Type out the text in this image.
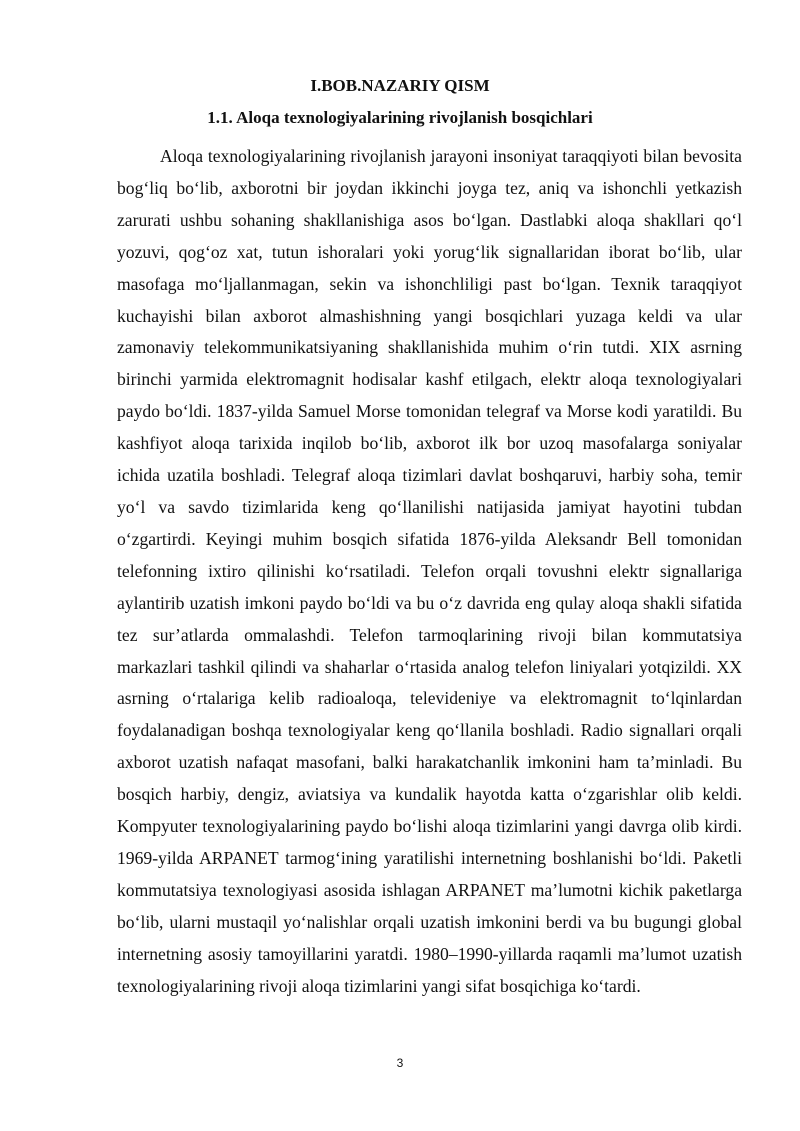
I.BOB.NAZARIY QISM
1.1. Aloqa texnologiyalarining rivojlanish bosqichlari

Aloqa texnologiyalarining rivojlanish jarayoni insoniyat taraqqiyoti bilan bevosita bog‘liq bo‘lib, axborotni bir joydan ikkinchi joyga tez, aniq va ishonchli yetkazish zarurati ushbu sohaning shakllanishiga asos bo‘lgan. Dastlabki aloqa shakllari qo‘l yozuvi, qog‘oz xat, tutun ishoralari yoki yorug‘lik signallaridan iborat bo‘lib, ular masofaga mo‘ljallanmagan, sekin va ishonchliligi past bo‘lgan. Texnik taraqqiyot kuchayishi bilan axborot almashishning yangi bosqichlari yuzaga keldi va ular zamonaviy telekommunikatsiyaning shakllanishida muhim o‘rin tutdi. XIX asrning birinchi yarmida elektromagnit hodisalar kashf etilgach, elektr aloqa texnologiyalari paydo bo‘ldi. 1837-yilda Samuel Morse tomonidan telegraf va Morse kodi yaratildi. Bu kashfiyot aloqa tarixida inqilob bo‘lib, axborot ilk bor uzoq masofalarga soniyalar ichida uzatila boshladi. Telegraf aloqa tizimlari davlat boshqaruvi, harbiy soha, temir yo‘l va savdo tizimlarida keng qo‘llanilishi natijasida jamiyat hayotini tubdan o‘zgartirdi. Keyingi muhim bosqich sifatida 1876-yilda Aleksandr Bell tomonidan telefonning ixtiro qilinishi ko‘rsatiladi. Telefon orqali tovushni elektr signallariga aylantirib uzatish imkoni paydo bo‘ldi va bu o‘z davrida eng qulay aloqa shakli sifatida tez sur’atlarda ommalashdi. Telefon tarmoqlarining rivoji bilan kommutatsiya markazlari tashkil qilindi va shaharlar o‘rtasida analog telefon liniyalari yotqizildi. XX asrning o‘rtalariga kelib radioaloqa, televideniye va elektromagnit to‘lqinlardan foydalanadigan boshqa texnologiyalar keng qo‘llanila boshladi. Radio signallari orqali axborot uzatish nafaqat masofani, balki harakatchanlik imkonini ham ta’minladi. Bu bosqich harbiy, dengiz, aviatsiya va kundalik hayotda katta o‘zgarishlar olib keldi. Kompyuter texnologiyalarining paydo bo‘lishi aloqa tizimlarini yangi davrga olib kirdi. 1969-yilda ARPANET tarmog‘ining yaratilishi internetning boshlanishi bo‘ldi. Paketli kommutatsiya texnologiyasi asosida ishlagan ARPANET ma’lumotni kichik paketlarga bo‘lib, ularni mustaqil yo‘nalishlar orqali uzatish imkonini berdi va bu bugungi global internetning asosiy tamoyillarini yaratdi. 1980–1990-yillarda raqamli ma’lumot uzatish texnologiyalarining rivoji aloqa tizimlarini yangi sifat bosqichiga ko‘tardi.

3
